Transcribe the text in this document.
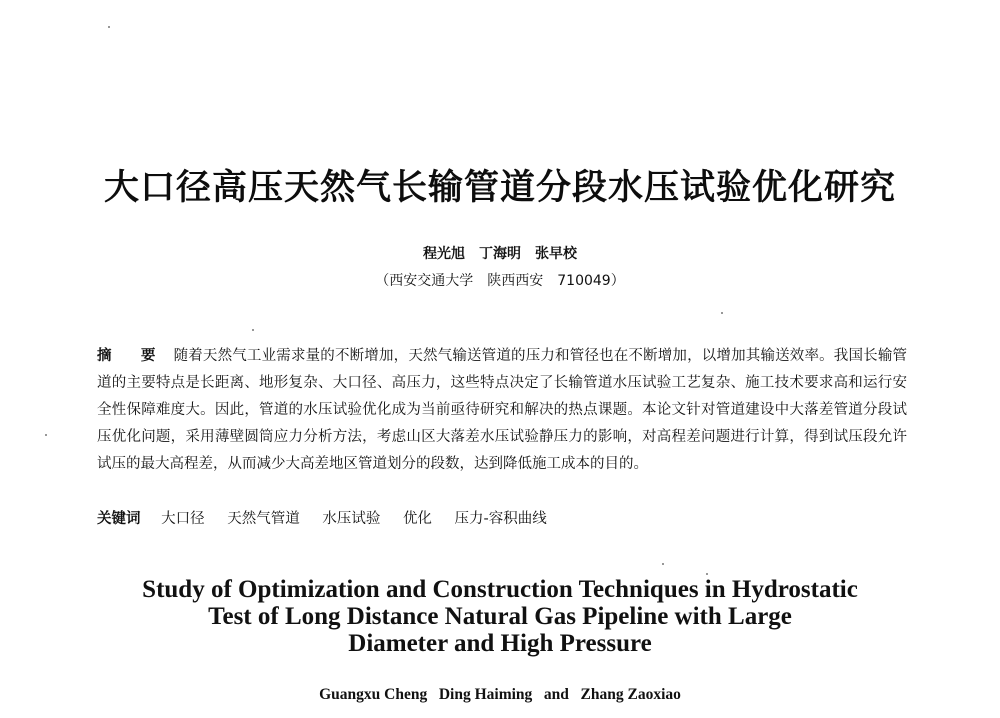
大口径高压天然气长输管道分段水压试验优化研究
程光旭　丁海明　张早校
（西安交通大学　陕西西安　710049）
摘 要 随着天然气工业需求量的不断增加，天然气输送管道的压力和管径也在不断增加，以增加其输送效率。我国长输管道的主要特点是长距离、地形复杂、大口径、高压力，这些特点决定了长输管道水压试验工艺复杂、施工技术要求高和运行安全性保障难度大。因此，管道的水压试验优化成为当前亟待研究和解决的热点课题。本论文针对管道建设中大落差管道分段试压优化问题，采用薄壁圆筒应力分析方法，考虑山区大落差水压试验静压力的影响，对高程差问题进行计算，得到试压段允许试压的最大高程差，从而减少大高差地区管道划分的段数，达到降低施工成本的目的。
关键词 大口径 天然气管道 水压试验 优化 压力-容积曲线
Study of Optimization and Construction Techniques in Hydrostatic
Test of Long Distance Natural Gas Pipeline with Large
Diameter and High Pressure
Guangxu Cheng   Ding Haiming   and   Zhang Zaoxiao
